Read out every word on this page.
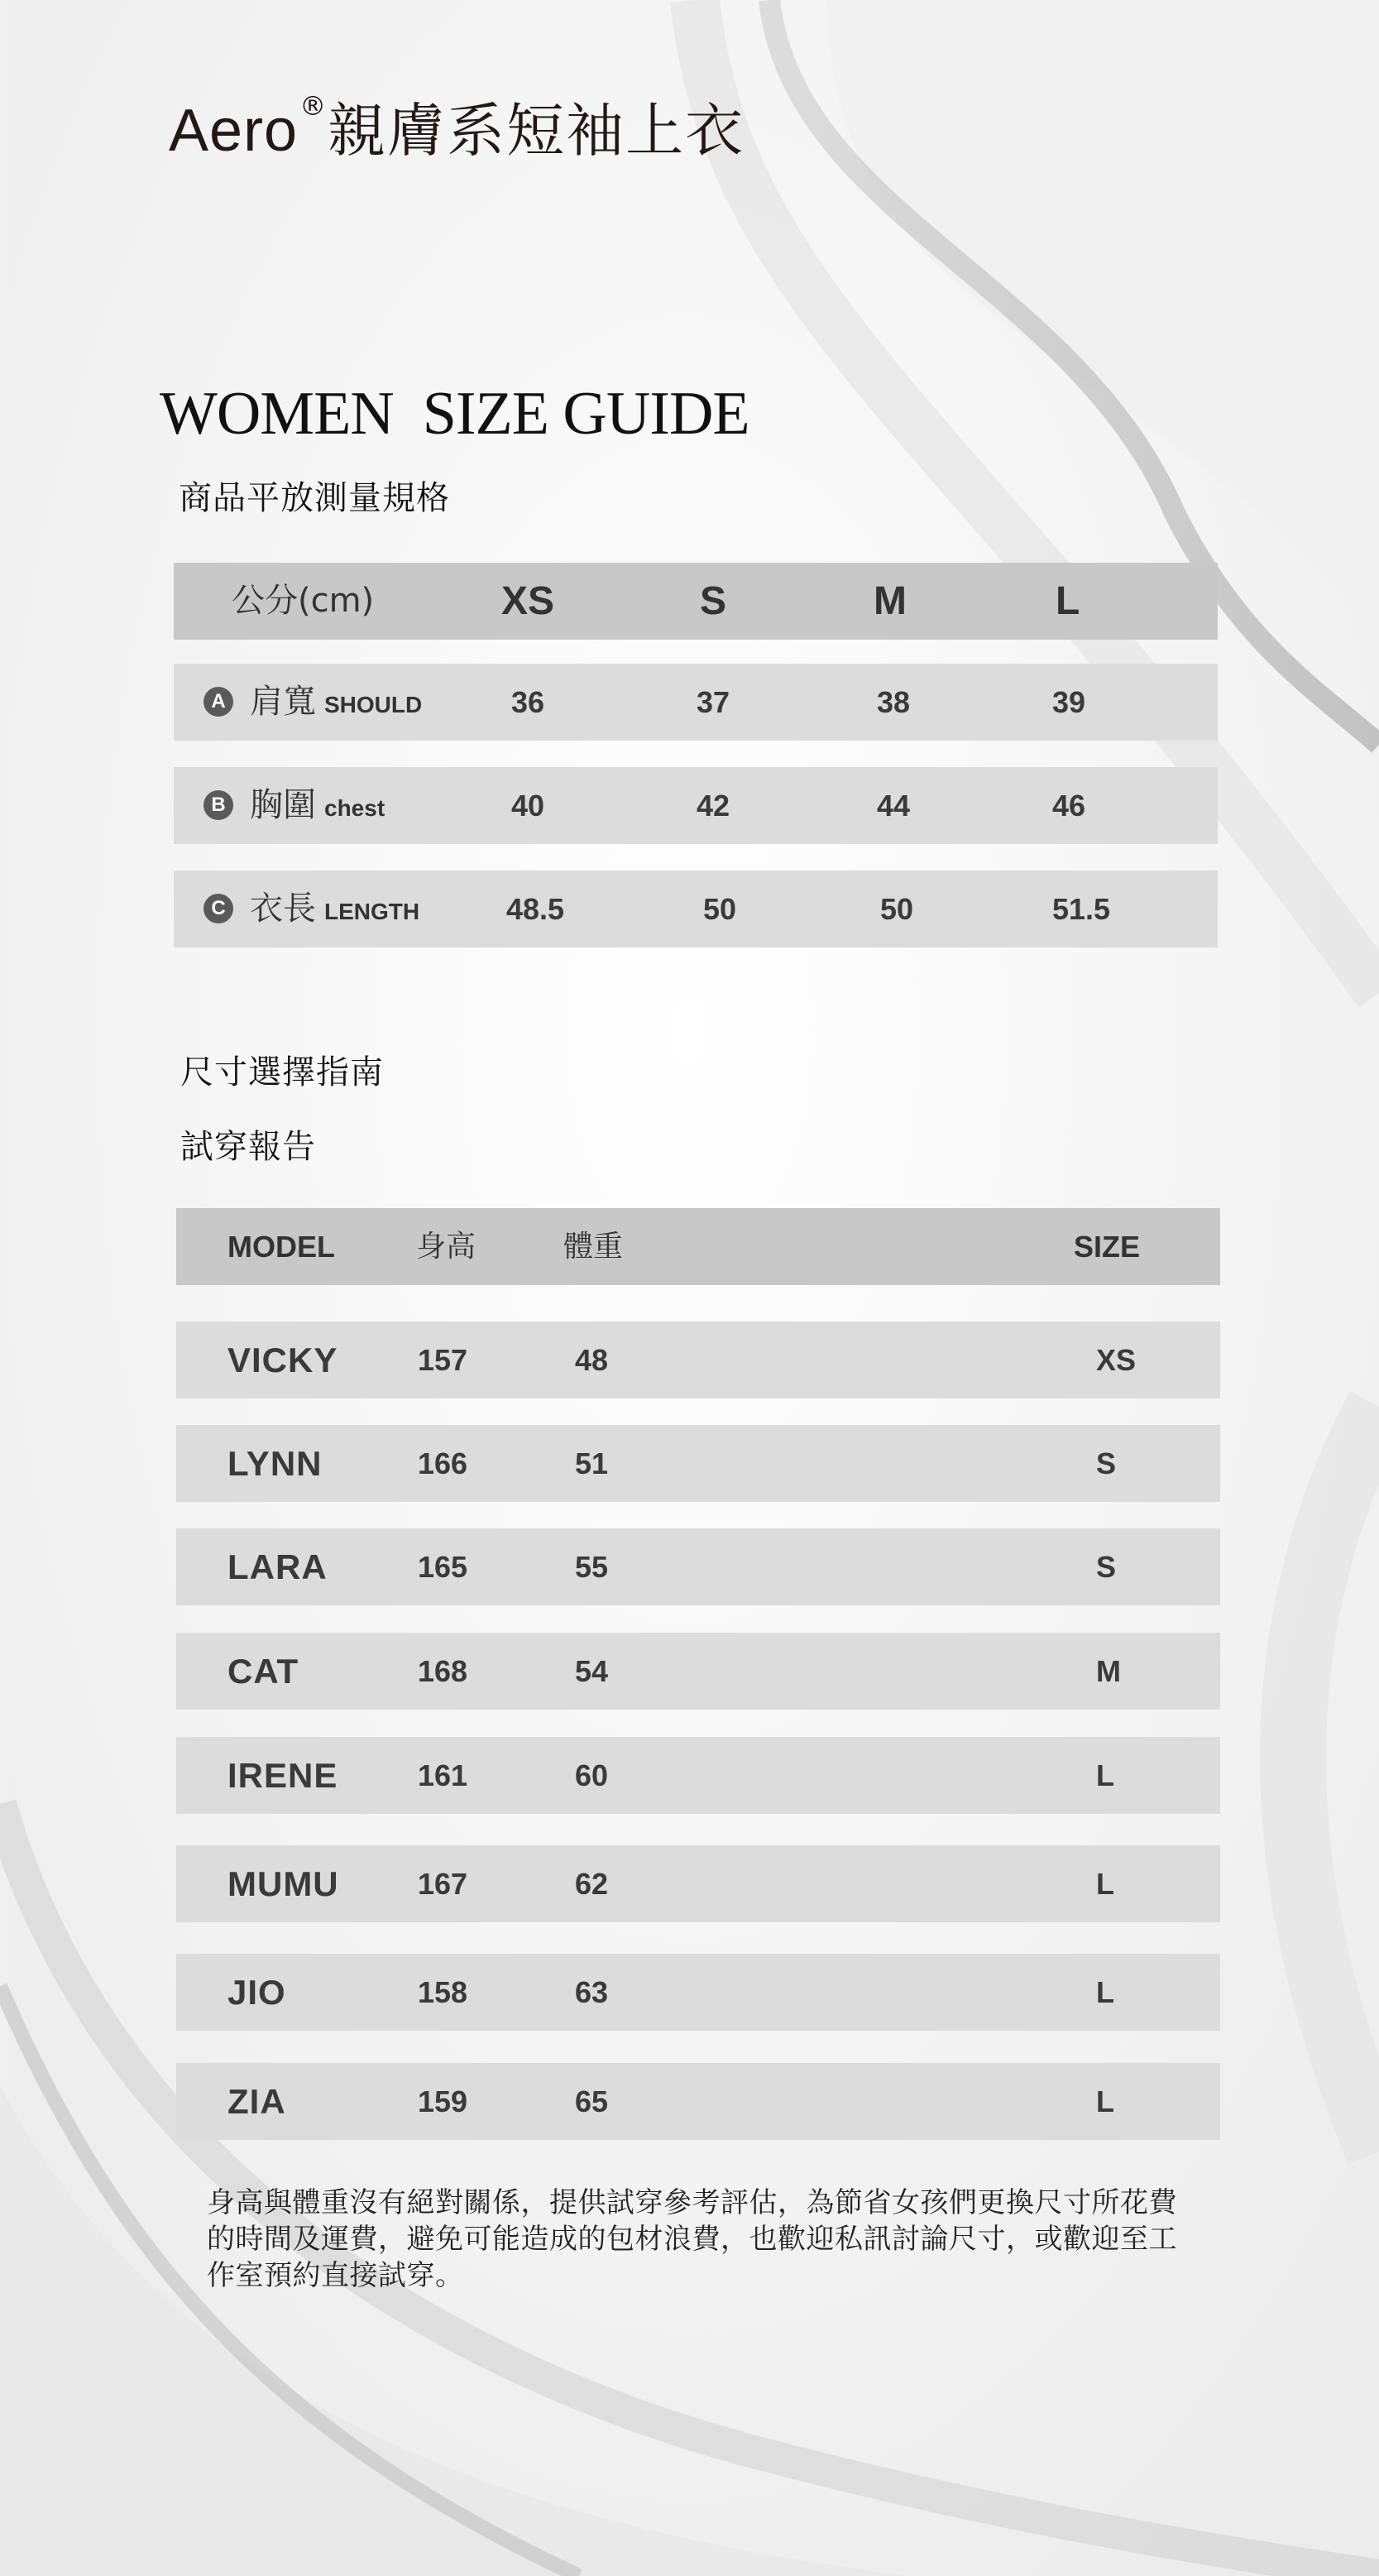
Aero ® 親膚系短袖上衣
WOMEN  SIZE GUIDE
商品平放測量規格
公分(cm)	XS	S	M	L
A 肩寬 SHOULD	36	37	38	39
B 胸圍 chest	40	42	44	46
C 衣長 LENGTH	48.5	50	50	51.5
尺寸選擇指南
試穿報告
MODEL	身高	體重	SIZE
VICKY	157	48	XS
LYNN	166	51	S
LARA	165	55	S
CAT	168	54	M
IRENE	161	60	L
MUMU	167	62	L
JIO	158	63	L
ZIA	159	65	L
身高與體重沒有絕對關係，提供試穿參考評估，為節省女孩們更換尺寸所花費
的時間及運費，避免可能造成的包材浪費，也歡迎私訊討論尺寸，或歡迎至工
作室預約直接試穿。
